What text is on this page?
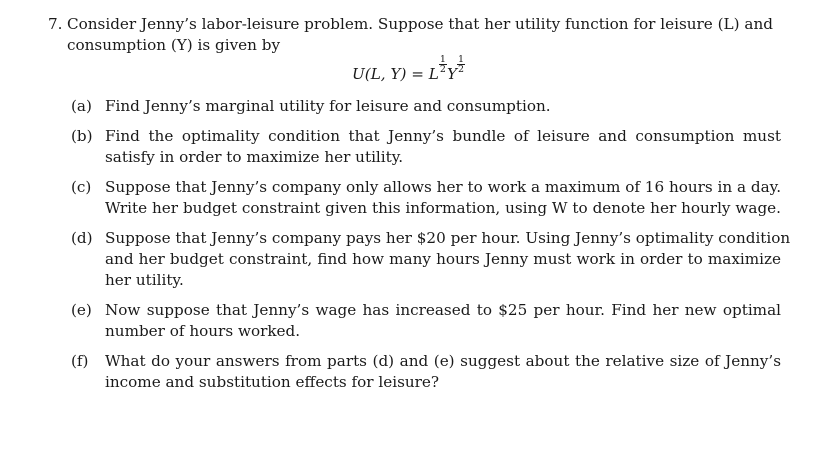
7. Consider Jenny’s labor-leisure problem. Suppose that her utility function for leisure (L) and
consumption (Y) is given by
U(L, Y) = L $\frac{1}{2}$ Y $\frac{1}{2}$
(a) Find Jenny’s marginal utility for leisure and consumption.
(b) Find the optimality condition that Jenny’s bundle of leisure and consumption must
satisfy in order to maximize her utility.
(c) Suppose that Jenny’s company only allows her to work a maximum of 16 hours in a day.
Write her budget constraint given this information, using W to denote her hourly wage.
(d) Suppose that Jenny’s company pays her $20 per hour. Using Jenny’s optimality condition
and her budget constraint, find how many hours Jenny must work in order to maximize
her utility.
(e) Now suppose that Jenny’s wage has increased to $25 per hour. Find her new optimal
number of hours worked.
(f) What do your answers from parts (d) and (e) suggest about the relative size of Jenny’s
income and substitution effects for leisure?
